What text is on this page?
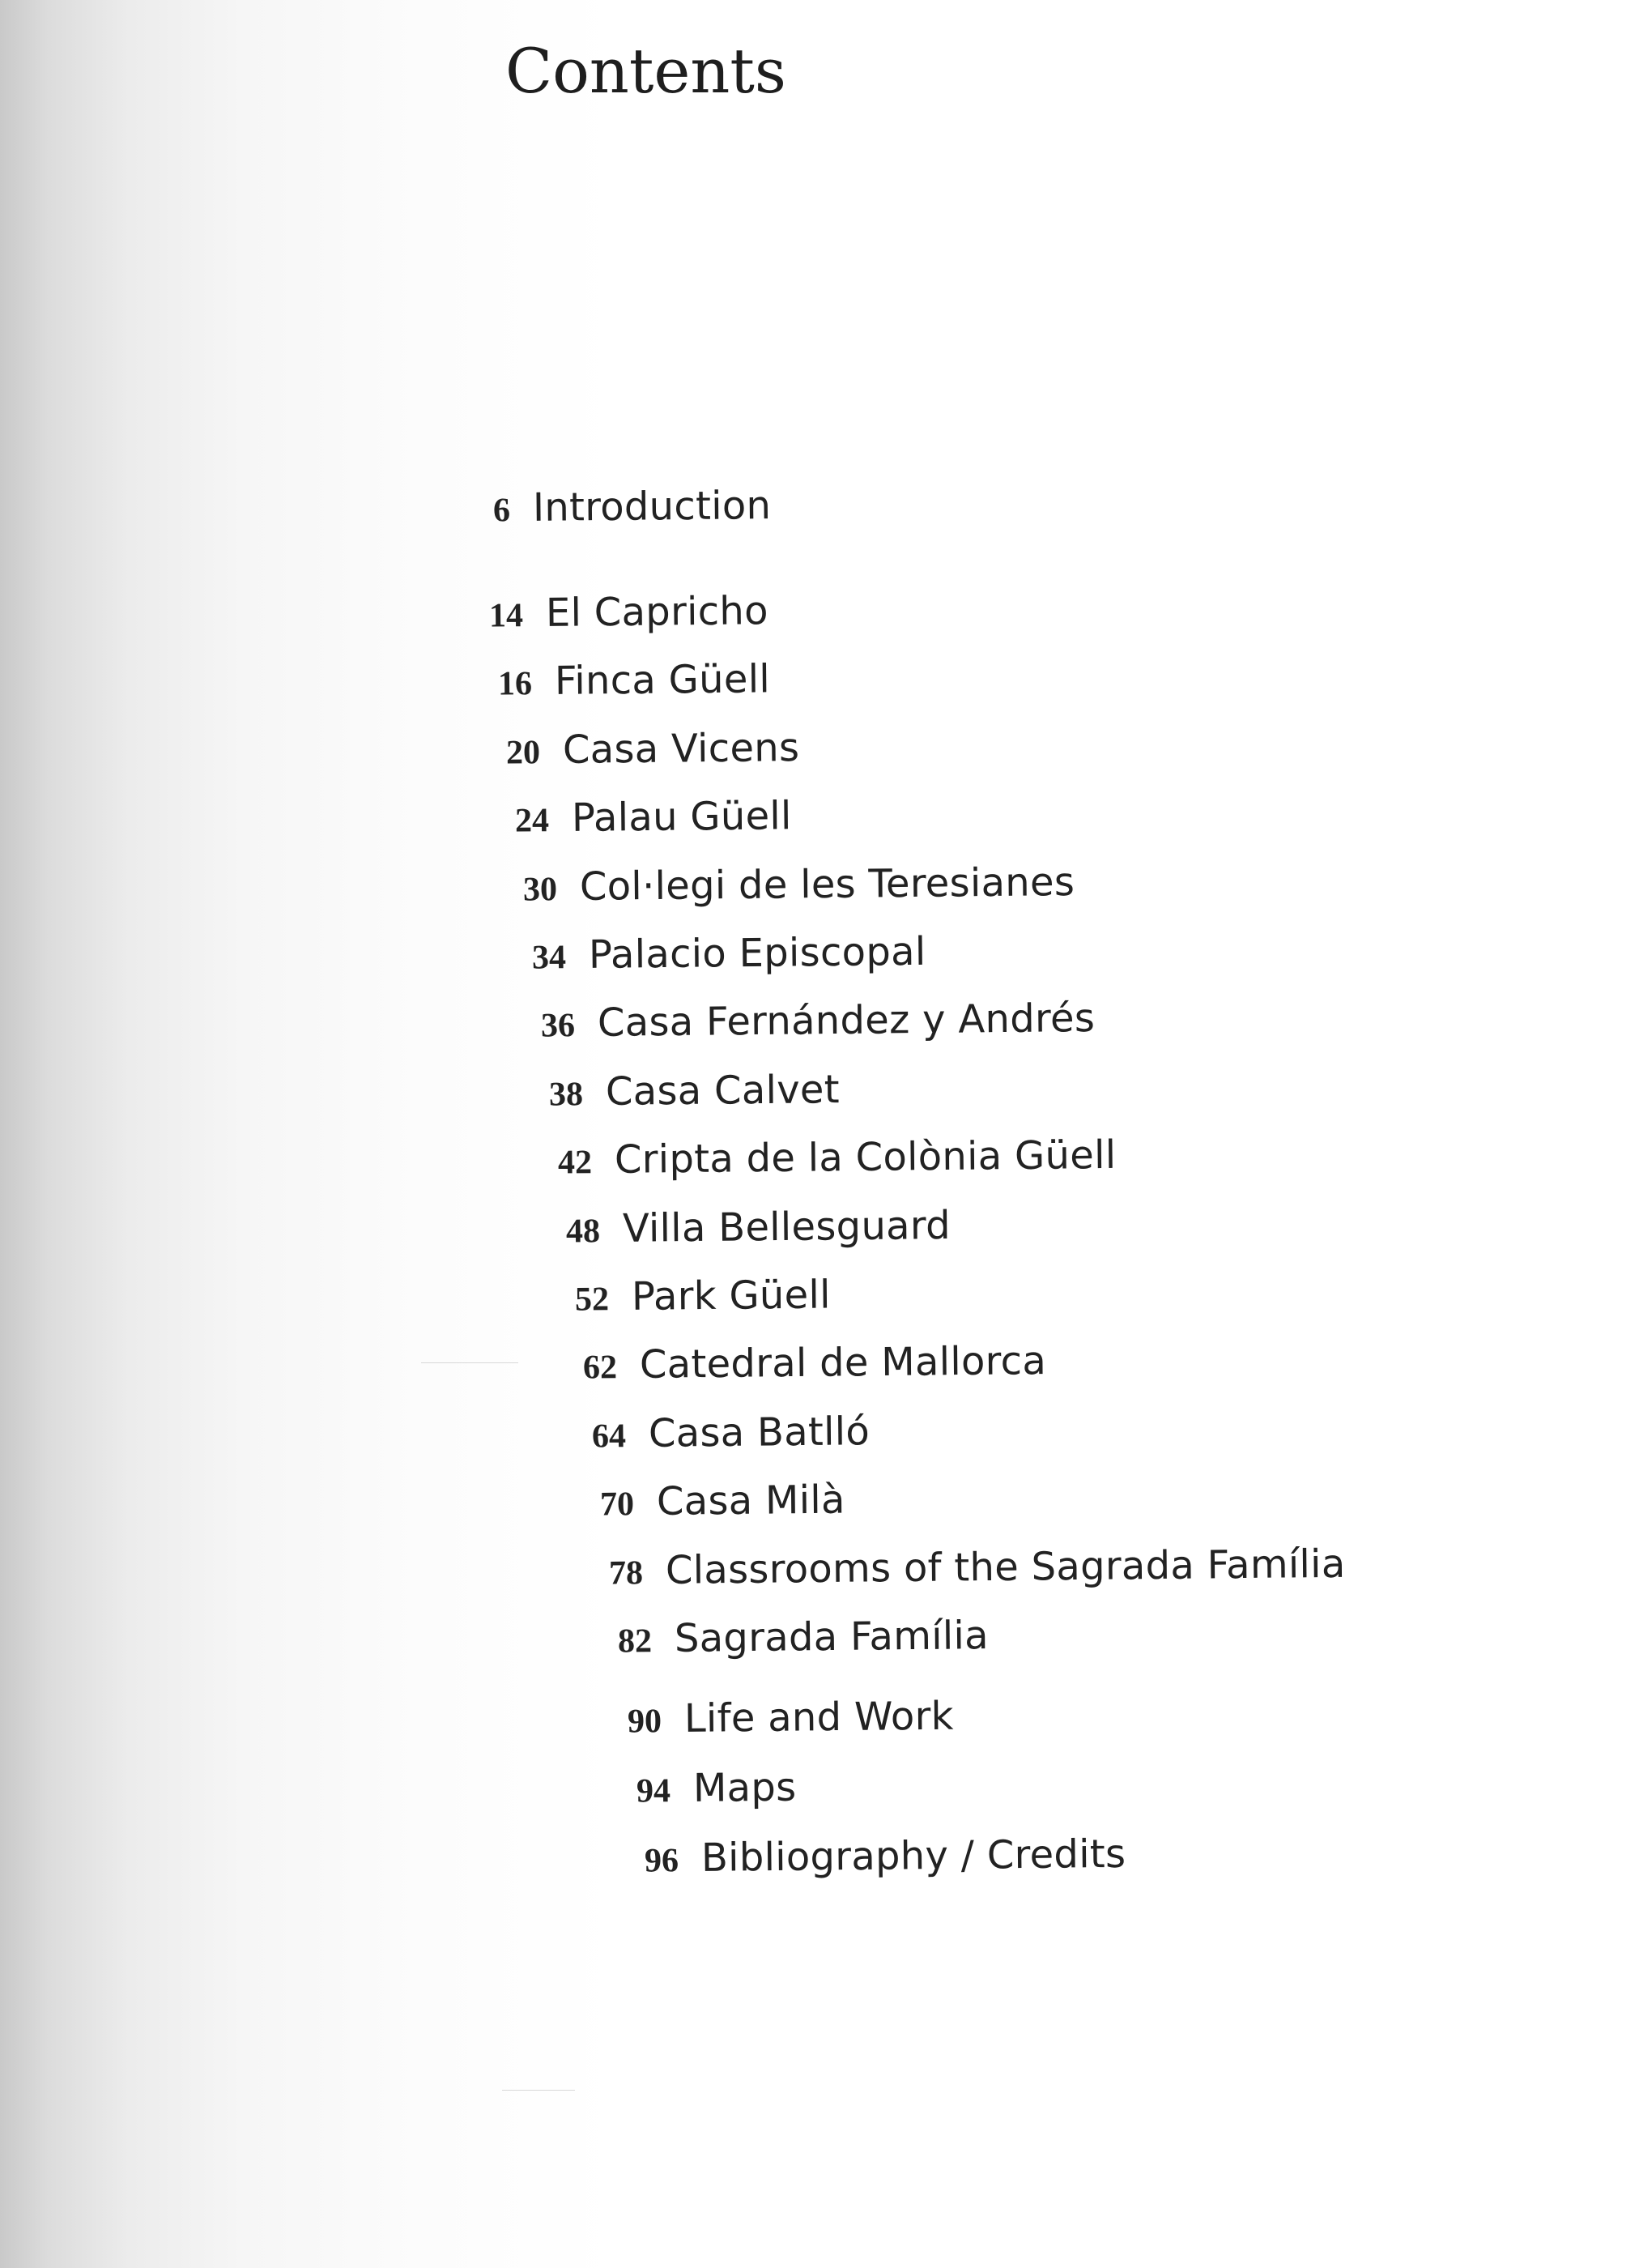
Contents
6 Introduction
14 El Capricho
16 Finca Güell
20 Casa Vicens
24 Palau Güell
30 Col·legi de les Teresianes
34 Palacio Episcopal
36 Casa Fernández y Andrés
38 Casa Calvet
42 Cripta de la Colònia Güell
48 Villa Bellesguard
52 Park Güell
62 Catedral de Mallorca
64 Casa Batlló
70 Casa Milà
78 Classrooms of the Sagrada Família
82 Sagrada Família
90 Life and Work
94 Maps
96 Bibliography / Credits
